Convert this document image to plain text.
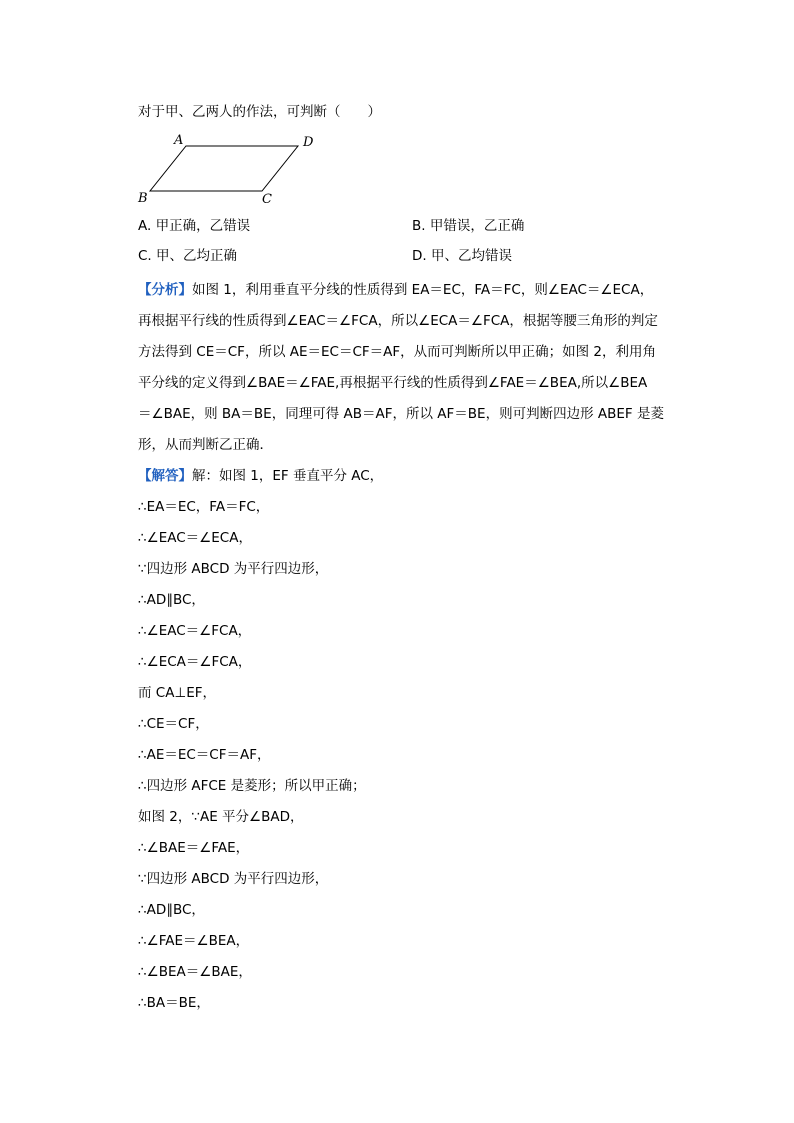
对于甲、乙两人的作法，可判断（　　）
A	D
B	C
A. 甲正确，乙错误	B. 甲错误，乙正确
C. 甲、乙均正确	D. 甲、乙均错误
【分析】如图 1，利用垂直平分线的性质得到 EA＝EC，FA＝FC，则∠EAC＝∠ECA，
再根据平行线的性质得到∠EAC＝∠FCA，所以∠ECA＝∠FCA，根据等腰三角形的判定
方法得到 CE＝CF，所以 AE＝EC＝CF＝AF，从而可判断所以甲正确；如图 2，利用角
平分线的定义得到∠BAE＝∠FAE,再根据平行线的性质得到∠FAE＝∠BEA,所以∠BEA
＝∠BAE，则 BA＝BE，同理可得 AB＝AF，所以 AF＝BE，则可判断四边形 ABEF 是菱
形，从而判断乙正确．
【解答】解：如图 1，EF 垂直平分 AC，
∴EA＝EC，FA＝FC，
∴∠EAC＝∠ECA，
∵四边形 ABCD 为平行四边形，
∴AD∥BC，
∴∠EAC＝∠FCA，
∴∠ECA＝∠FCA，
而 CA⊥EF，
∴CE＝CF，
∴AE＝EC＝CF＝AF，
∴四边形 AFCE 是菱形；所以甲正确；
如图 2，∵AE 平分∠BAD，
∴∠BAE＝∠FAE，
∵四边形 ABCD 为平行四边形，
∴AD∥BC，
∴∠FAE＝∠BEA，
∴∠BEA＝∠BAE，
∴BA＝BE，
